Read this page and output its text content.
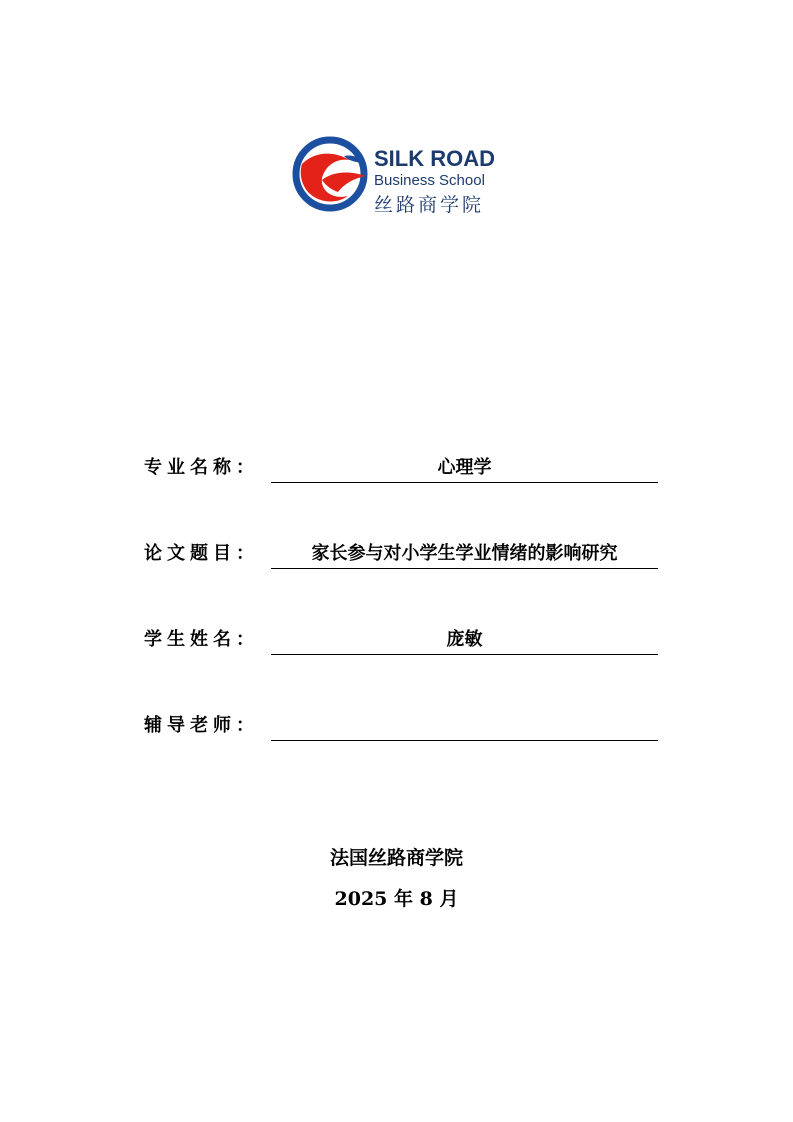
SILK ROAD
Business School
丝路商学院
专业名称：	心理学
论文题目：	家长参与对小学生学业情绪的影响研究
学生姓名：	庞敏
辅导老师：
法国丝路商学院
2025 年 8 月
